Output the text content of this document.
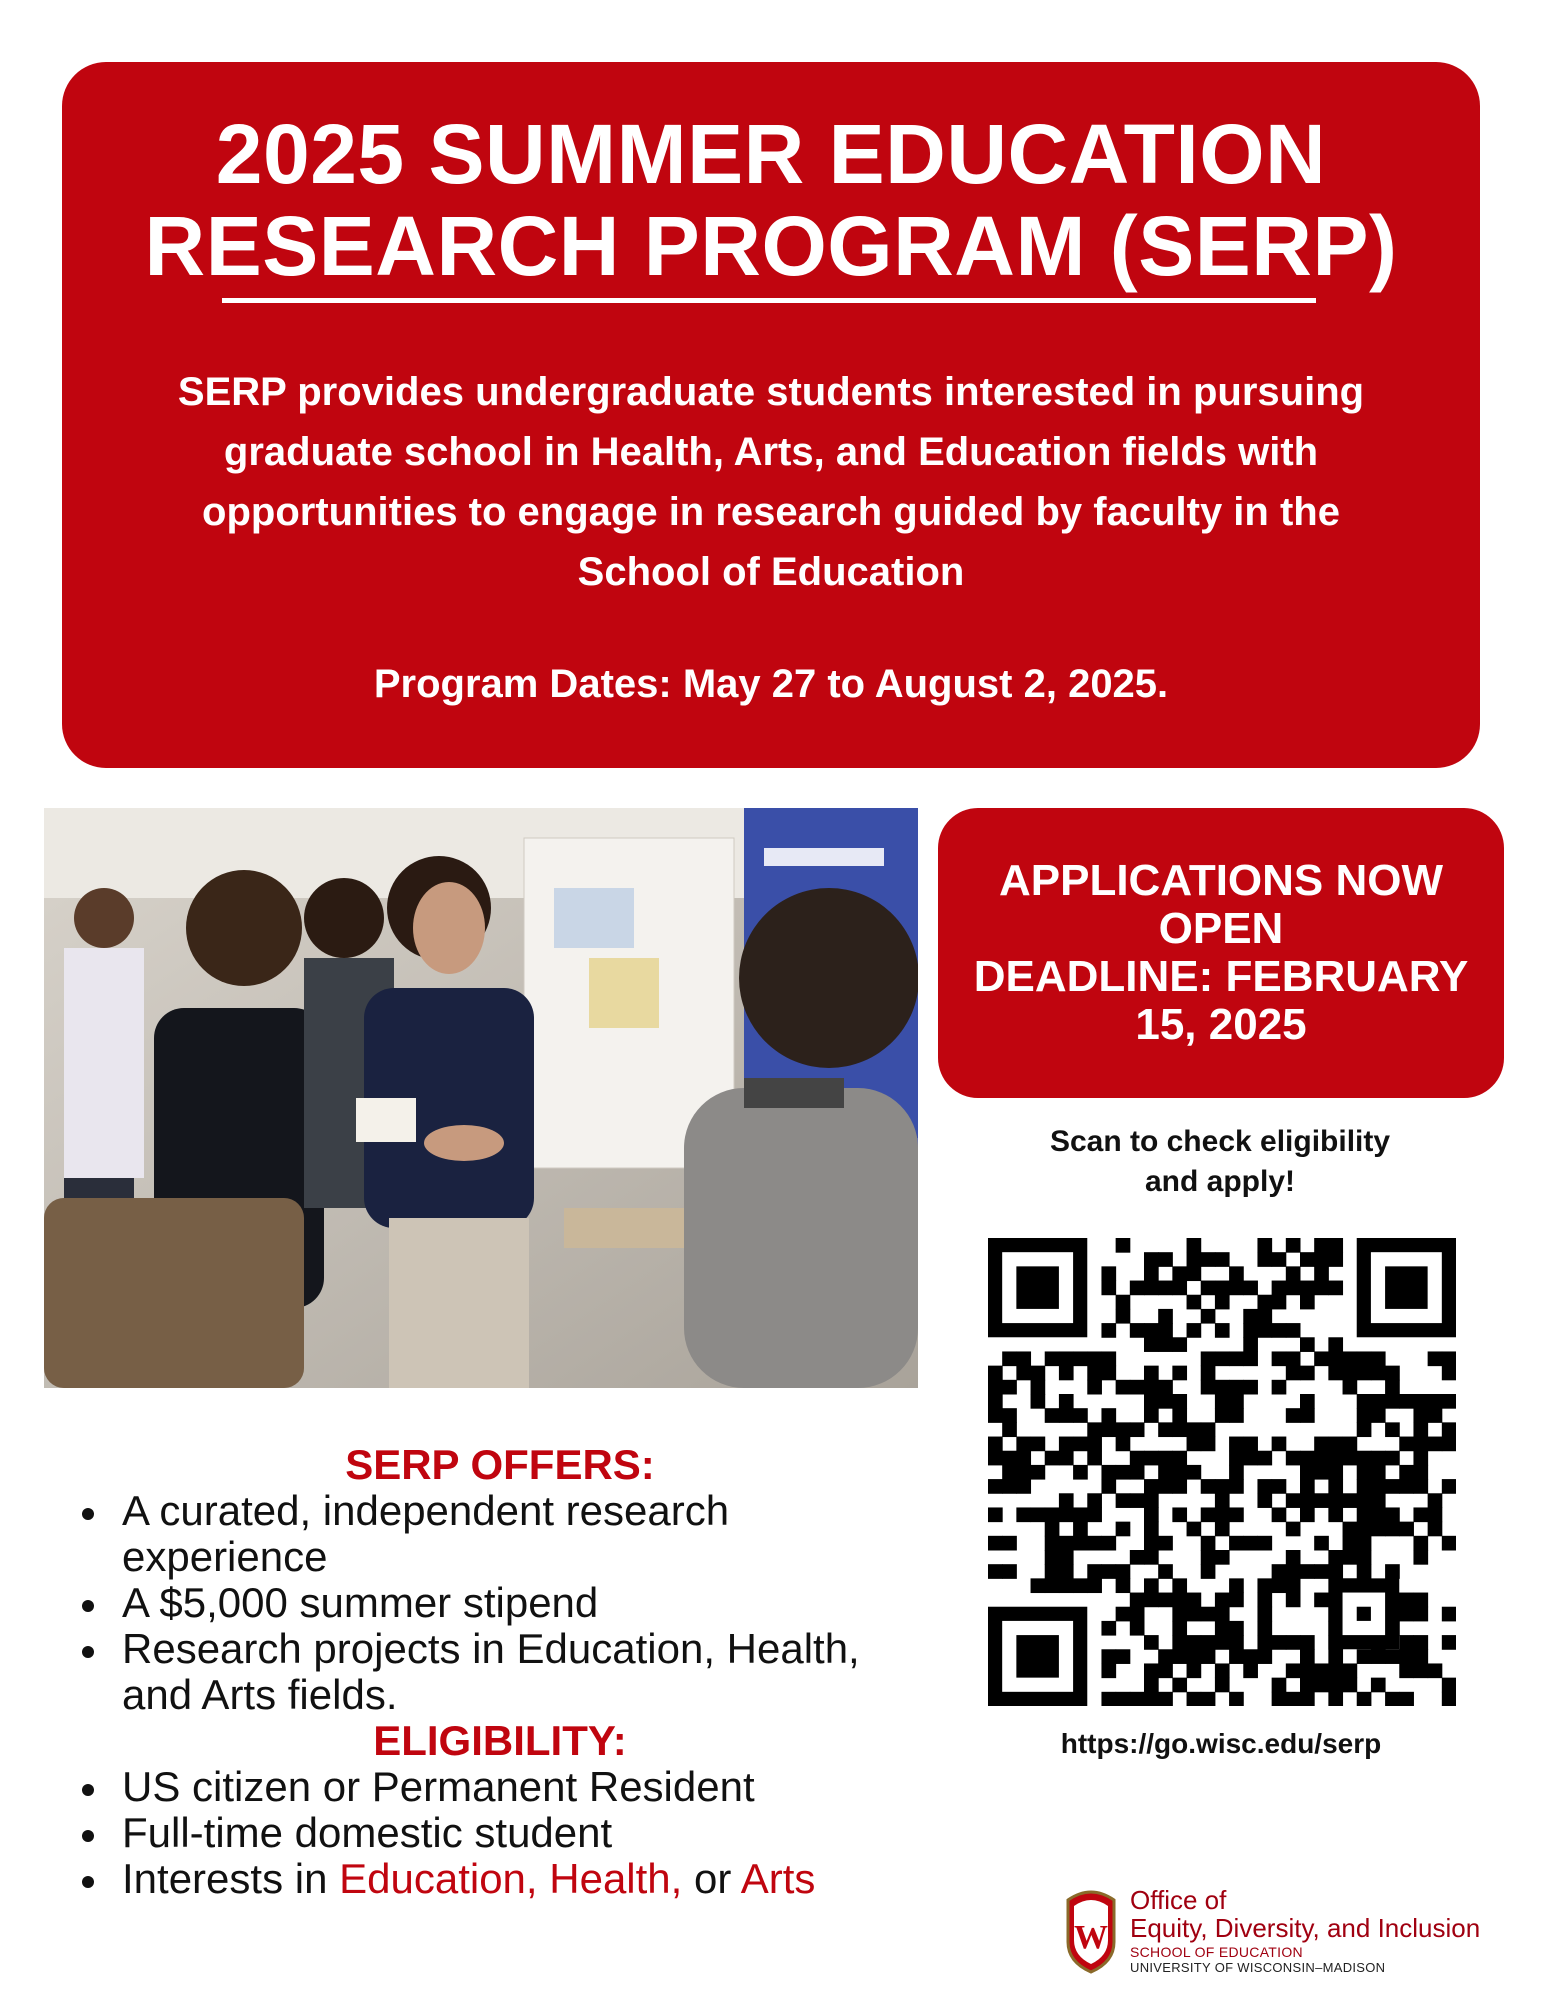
2025 SUMMER EDUCATION
RESEARCH PROGRAM (SERP)

SERP provides undergraduate students interested in pursuing
graduate school in Health, Arts, and Education fields with
opportunities to engage in research guided by faculty in the
School of Education

Program Dates: May 27 to August 2, 2025.

APPLICATIONS NOW
OPEN
DEADLINE: FEBRUARY
15, 2025
Scan to check eligibility
and apply!
https://go.wisc.edu/serp
SERP OFFERS:
A curated, independent research experience
A $5,000 summer stipend
Research projects in Education, Health, and Arts fields.
ELIGIBILITY:
US citizen or Permanent Resident
Full-time domestic student
Interests in Education, Health, or Arts
W
Office of
Equity, Diversity, and Inclusion
SCHOOL OF EDUCATION
UNIVERSITY OF WISCONSIN–MADISON
